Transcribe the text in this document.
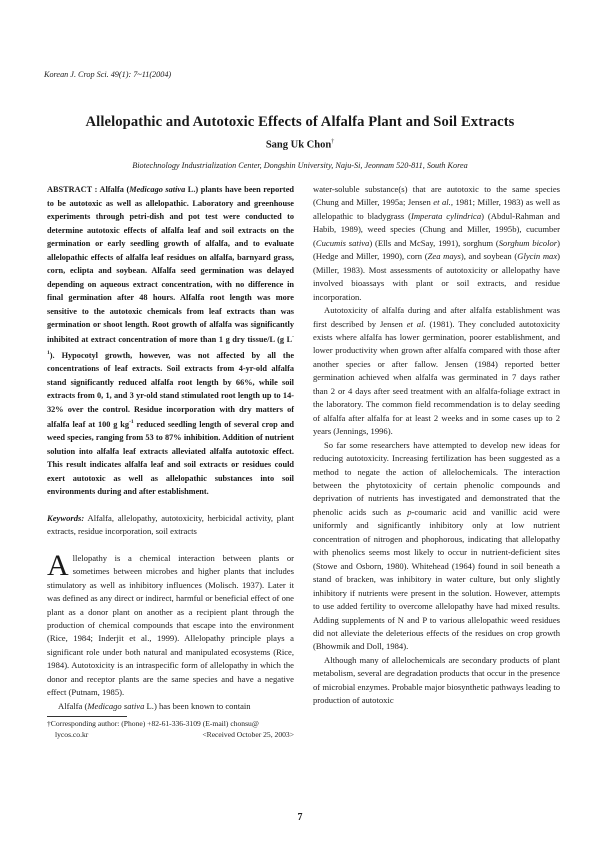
Korean J. Crop Sci. 49(1): 7~11(2004)
Allelopathic and Autotoxic Effects of Alfalfa Plant and Soil Extracts
Sang Uk Chon†
Biotechnology Industrialization Center, Dongshin University, Naju-Si, Jeonnam 520-811, South Korea

ABSTRACT : Alfalfa (Medicago sativa L.) plants have been reported to be autotoxic as well as allelopathic. Laboratory and greenhouse experiments through petri-dish and pot test were conducted to determine autotoxic effects of alfalfa leaf and soil extracts on the germination or early seedling growth of alfalfa, and to evaluate allelopathic effects of alfalfa leaf residues on alfalfa, barnyard grass, corn, eclipta and soybean. Alfalfa seed germination was delayed depending on aqueous extract concentration, with no difference in final germination after 48 hours. Alfalfa root length was more sensitive to the autotoxic chemicals from leaf extracts than was germination or shoot length. Root growth of alfalfa was significantly inhibited at extract concentration of more than 1 g dry tissue/L (g $L^{-1}$). Hypocotyl growth, however, was not affected by all the concentrations of leaf extracts. Soil extracts from 4-yr-old alfalfa stand significantly reduced alfalfa root length by 66%, while soil extracts from 0, 1, and 3 yr-old stand stimulated root length up to 14-32% over the control. Residue incorporation with dry matters of alfalfa leaf at 100 g $kg^{-1}$ reduced seedling length of several crop and weed species, ranging from 53 to 87% inhibition. Addition of nutrient solution into alfalfa leaf extracts alleviated alfalfa autotoxic effect. This result indicates alfalfa leaf and soil extracts or residues could exert autotoxic as well as allelopathic substances into soil environments during and after establishment.

Keywords: Alfalfa, allelopathy, autotoxicity, herbicidal activity, plant extracts, residue incorporation, soil extracts

Allelopathy is a chemical interaction between plants or sometimes between microbes and higher plants that includes stimulatory as well as inhibitory influences (Molisch. 1937). Later it was defined as any direct or indirect, harmful or beneficial effect of one plant as a donor plant on another as a recipient plant through the production of chemical compounds that escape into the environment (Rice, 1984; Inderjit et al., 1999). Allelopathy principle plays a significant role under both natural and manipulated ecosystems (Rice, 1984). Autotoxicity is an intraspecific form of allelopathy in which the donor and receptor plants are the same species and have a negative effect (Putnam, 1985).

Alfalfa (Medicago sativa L.) has been known to contain

†Corresponding author: (Phone) +82-61-336-3109 (E-mail) chonsu@
lycos.co.kr	<Received October 25, 2003>

water-soluble substance(s) that are autotoxic to the same species (Chung and Miller, 1995a; Jensen et al., 1981; Miller, 1983) as well as allelopathic to bladygrass (Imperata cylindrica) (Abdul-Rahman and Habib, 1989), weed species (Chung and Miller, 1995b), cucumber (Cucumis sativa) (Ells and McSay, 1991), sorghum (Sorghum bicolor) (Hedge and Miller, 1990), corn (Zea mays), and soybean (Glycin max) (Miller, 1983). Most assessments of autotoxicity or allelopathy have involved bioassays with plant or soil extracts, and residue incorporation.

Autotoxicity of alfalfa during and after alfalfa establishment was first described by Jensen et al. (1981). They concluded autotoxicity exists where alfalfa has lower germination, poorer establishment, and lower productivity when grown after alfalfa compared with those after another species or after fallow. Jensen (1984) reported better germination achieved when alfalfa was germinated in 7 days rather than 2 or 4 days after seed treatment with an alfalfa-foliage extract in the laboratory. The common field recommendation is to delay seeding of alfalfa after alfalfa for at least 2 weeks and in some cases up to 2 years (Jennings, 1996).

So far some researchers have attempted to develop new ideas for reducing autotoxicity. Increasing fertilization has been suggested as a method to negate the action of allelochemicals. The interaction between the phytotoxicity of certain phenolic compounds and deprivation of nutrients has investigated and demonstrated that the phenolic acids such as p-coumaric acid and vanillic acid were uniformly and significantly inhibitory only at low nutrient concentration of nitrogen and phophorous, indicating that allelopathy with phenolics seems most likely to occur in nutrient-deficient sites (Stowe and Osborn, 1980). Whitehead (1964) found in soil beneath a stand of bracken, was inhibitory in water culture, but only slightly inhibitory if nutrients were present in the solution. However, attempts to use added fertility to overcome allelopathy have had mixed results. Adding supplements of N and P to various allelopathic weed residues did not alleviate the deleterious effects of the residues on crop growth (Bhowmik and Doll, 1984).

Although many of allelochemicals are secondary products of plant metabolism, several are degradation products that occur in the presence of microbial enzymes. Probable major biosynthetic pathways leading to production of autotoxic

7
